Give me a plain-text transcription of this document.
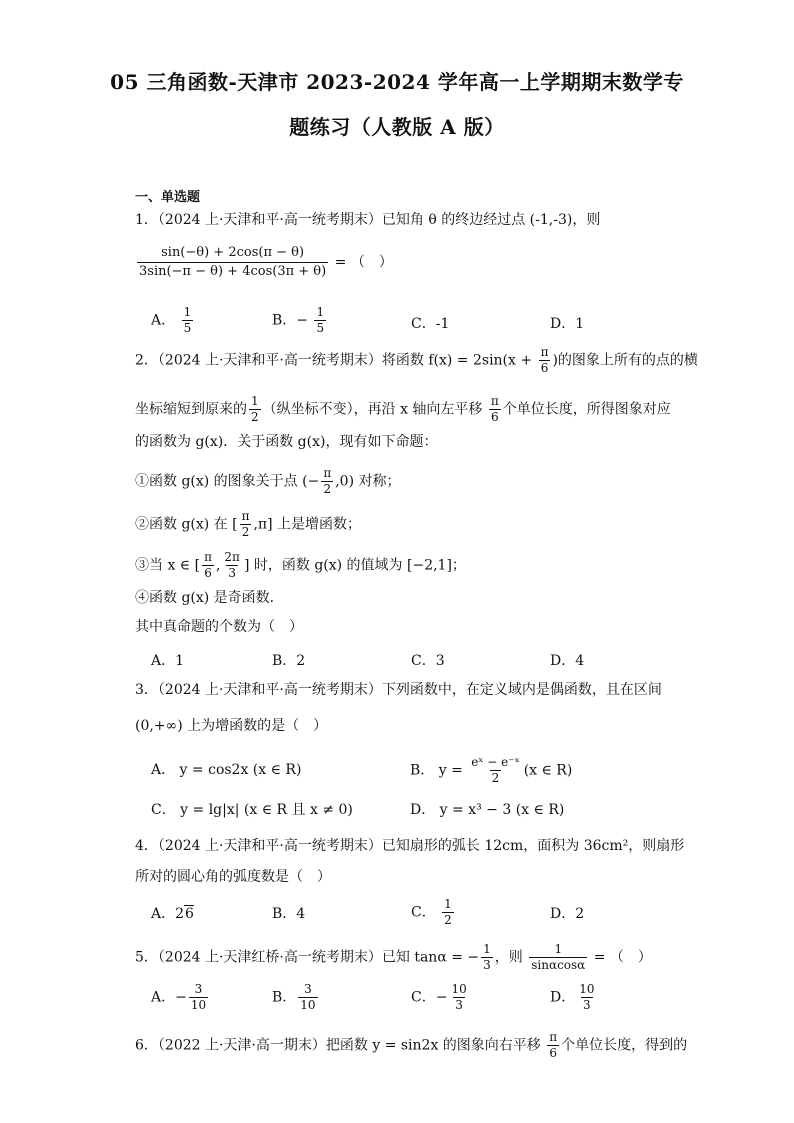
05 三角函数-天津市 2023-2024 学年高一上学期期末数学专
题练习（人教版 A 版）
一、单选题
1．（2024 上·天津和平·高一统考期末）已知角 θ 的终边经过点 (-1,-3)，则
$\frac{\sin(-\theta) + 2\cos(\pi - \theta)}{3\sin(-\pi - \theta) + 4\cos(3\pi + \theta)}$ = （　）
A． $\frac{1}{5}$	B．− $\frac{1}{5}$	C．-1	D．1
2．（2024 上·天津和平·高一统考期末）将函数 $f(x) = 2\sin(x + \frac{\pi}{6}$ )的图象上所有的点的横
坐标缩短到原来的 $\frac{1}{2}$ （纵坐标不变），再沿 x 轴向左平移 $\frac{\pi}{6}$ 个单位长度，所得图象对应
的函数为 g(x)．关于函数 g(x)，现有如下命题：
①函数 g(x) 的图象关于点 (− $\frac{\pi}{2} ,0$) 对称；
②函数 g(x) 在 [ $\frac{\pi}{2} ,\pi$] 上是增函数；
③当 x ∈ [ $\frac{\pi}{6}$ , $\frac{2\pi}{3}$ ] 时，函数 g(x) 的值域为 [−2,1]；
④函数 g(x) 是奇函数．
其中真命题的个数为（　）
A．1	B．2	C．3	D．4
3．（2024 上·天津和平·高一统考期末）下列函数中，在定义域内是偶函数，且在区间
(0,+∞) 上为增函数的是（　）
A． y = cos2x (x ∈ R)	B． $y = \frac{\text{eˣ − e⁻ˣ}}{2} (x$ ∈ R)
C． y = lg|x| (x ∈ R 且 x ≠ 0)	D． y = x³ − 3 (x ∈ R)
4．（2024 上·天津和平·高一统考期末）已知扇形的弧长 12cm，面积为 36cm²，则扇形
所对的圆心角的弧度数是（　）
A．26	B．4	C． $\frac{1}{2}$	D．2
5．（2024 上·天津红桥·高一统考期末）已知 tanα = − $\frac{1}{3}$ ，则 $\frac{1}{\sin\alpha\cos\alpha}$ = （　）
A．− $\frac{3}{10}$	B． $\frac{3}{10}$	C．− $\frac{10}{3}$	D． $\frac{10}{3}$
6．（2022 上·天津·高一期末）把函数 y = sin2x 的图象向右平移 $\frac{\pi}{6}$ 个单位长度，得到的
